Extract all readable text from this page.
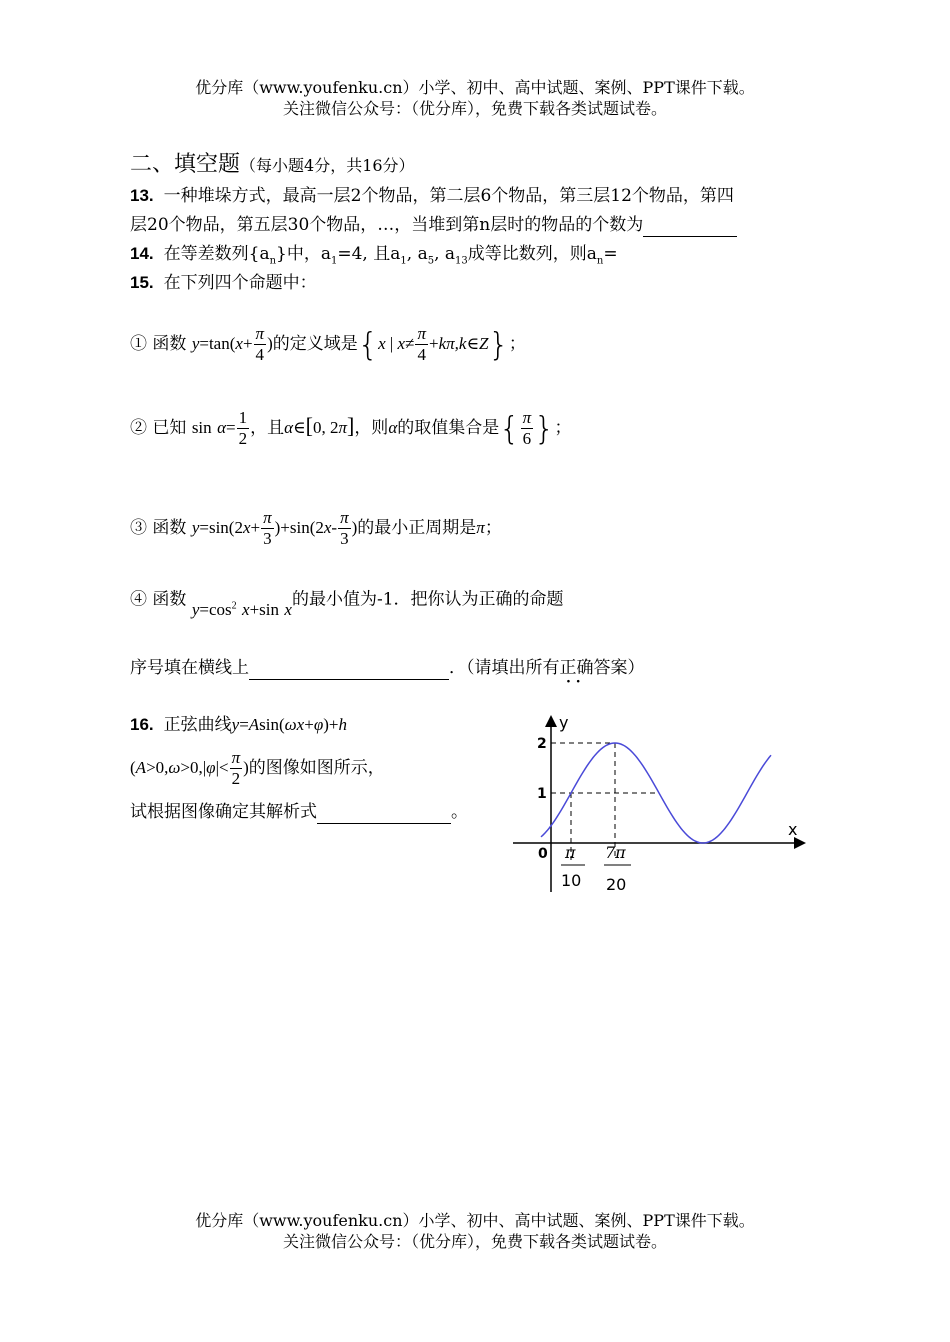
优分库（www.youfenku.cn）小学、初中、高中试题、案例、PPT课件下载。
关注微信公众号：（优分库），免费下载各类试题试卷。
二、填空题（每小题4分，共16分）
13. 一种堆垛方式，最高一层2个物品，第二层6个物品，第三层12个物品，第四
层20个物品，第五层30个物品，…，当堆到第n层时的物品的个数为
14. 在等差数列$\{a_n\}$中，$a_1=4$, 且$a_1$, $a_5$, $a_{13}$成等比数列，则$a_n=$
15. 在下列四个命题中：
① 函数 $y=\tan(x+ \frac{\pi}{4}$ )的定义域是{x | $x\ne \frac{\pi}{4}$ +kπ,k∈Z}；
② 已知 $\sin \alpha= \frac{1}{2}$ ，且α∈[0, 2π]，则α的取值集合是{ $\frac{\pi}{6}$ }；
③ 函数 $y=\sin(2x+ \frac{\pi}{3} )+\sin(2x- \frac{\pi}{3}$ )的最小正周期是π；
④ 函数 $y=\cos^2$ x+sin x的最小值为-1．把你认为正确的命题
序号填在横线上	．（请填出所有正确答案）
· ·
16. 正弦曲线y=Asin(ωx+φ)+h
($A>0,\omega>0,|\varphi|< \frac{\pi}{2}$ )的图像如图所示，
试根据图像确定其解析式	。
y
x
2
1
0 π
10
7π
20
优分库（www.youfenku.cn）小学、初中、高中试题、案例、PPT课件下载。
关注微信公众号：（优分库），免费下载各类试题试卷。
